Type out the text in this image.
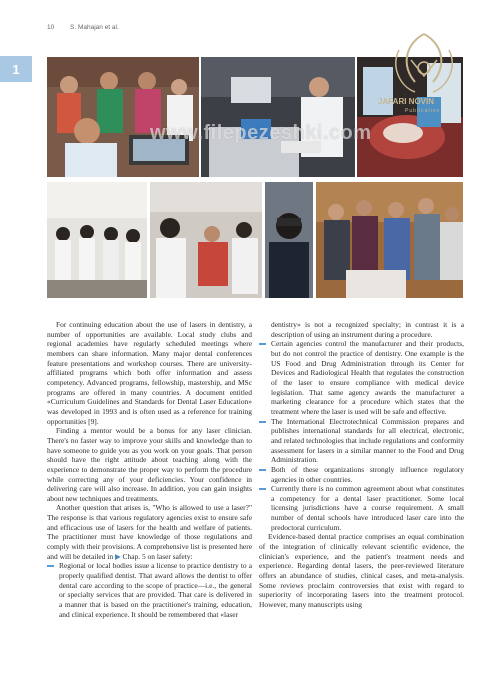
10 S. Mahajan et al.
1
JAFARI NOVIN
Publication
www.filepezeshki.com

For continuing education about the use of lasers in dentistry, a number of opportunities are available. Local study clubs and regional academies have regularly scheduled meetings where members can share information. Many major dental conferences feature presentations and workshop courses. There are university-affiliated programs which both offer information and assess competency. Advanced programs, fellowship, mastership, and MSc programs are offered in many countries. A document entitled «Curriculum Guidelines and Standards for Dental Laser Education» was developed in 1993 and is often used as a reference for training opportunities [9].

Finding a mentor would be a bonus for any laser clinician. There's no faster way to improve your skills and knowledge than to have someone to guide you as you work on your goals. That person should have the right attitude about teaching along with the experience to demonstrate the proper way to perform the procedure while correcting any of your deficiencies. Your confidence in delivering care will also increase. In addition, you can gain insights about new techniques and treatments.

Another question that arises is, "Who is allowed to use a laser?" The response is that various regulatory agencies exist to ensure safe and efficacious use of lasers for the health and welfare of patients. The practitioner must have knowledge of those regulations and comply with their provisions. A comprehensive list is presented here and will be detailed in ▶ Chap. 5 on laser safety:

Regional or local bodies issue a license to practice dentistry to a properly qualified dentist. That award allows the dentist to offer dental care according to the scope of practice—i.e., the general or specialty services that are provided. That care is delivered in a manner that is based on the practitioner's training, education, and clinical experience. It should be remembered that «laser
dentistry» is not a recognized specialty; in contrast it is a description of using an instrument during a procedure.
Certain agencies control the manufacturer and their products, but do not control the practice of dentistry. One example is the US Food and Drug Administration through its Center for Devices and Radiological Health that regulates the construction of the laser to ensure compliance with medical device legislation. That same agency awards the manufacturer a marketing clearance for a procedure which states that the treatment where the laser is used will be safe and effective.
The International Electrotechnical Commission prepares and publishes international standards for all electrical, electronic, and related technologies that include regulations and conformity assessment for lasers in a similar manner to the Food and Drug Administration.
Both of these organizations strongly influence regulatory agencies in other countries.
Currently there is no common agreement about what constitutes a competency for a dental laser practitioner. Some local licensing jurisdictions have a course requirement. A small number of dental schools have introduced laser care into the predoctoral curriculum.

Evidence-based dental practice comprises an equal combination of the integration of clinically relevant scientific evidence, the clinician's experience, and the patient's treatment needs and experience. Regarding dental lasers, the peer-reviewed literature offers an abundance of studies, clinical cases, and meta-analysis. Some reviews proclaim controversies that exist with regard to superiority of incorporating lasers into the treatment protocol. However, many manuscripts using
